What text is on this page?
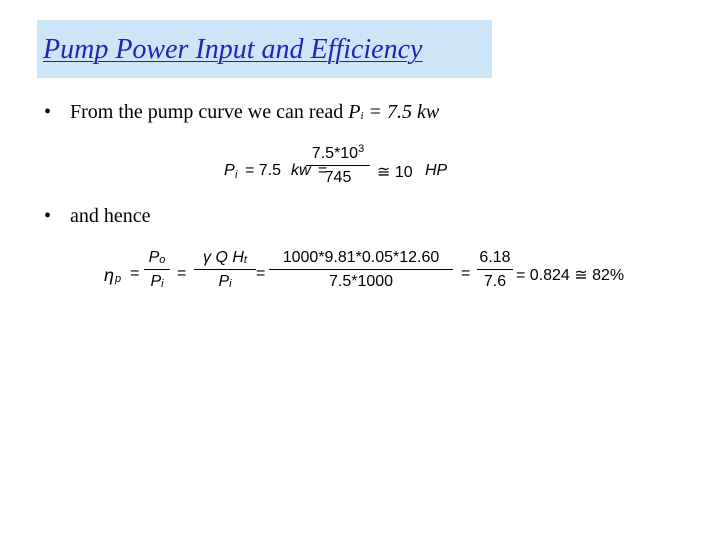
Pump Power Input and Efficiency
• From the pump curve we can read $P_i = 7.5$ kw
P i = 7.5 kw =
$7.5*10^3$
745	≅ 10 HP
• and hence
η p =
$P_o$
$P_i$
=
γ Q $H_t$
$P_i$
=
1000*9.81*0.05*12.60
7.5*1000	=
6.18
7.6 = 0.824 ≅ 82%
